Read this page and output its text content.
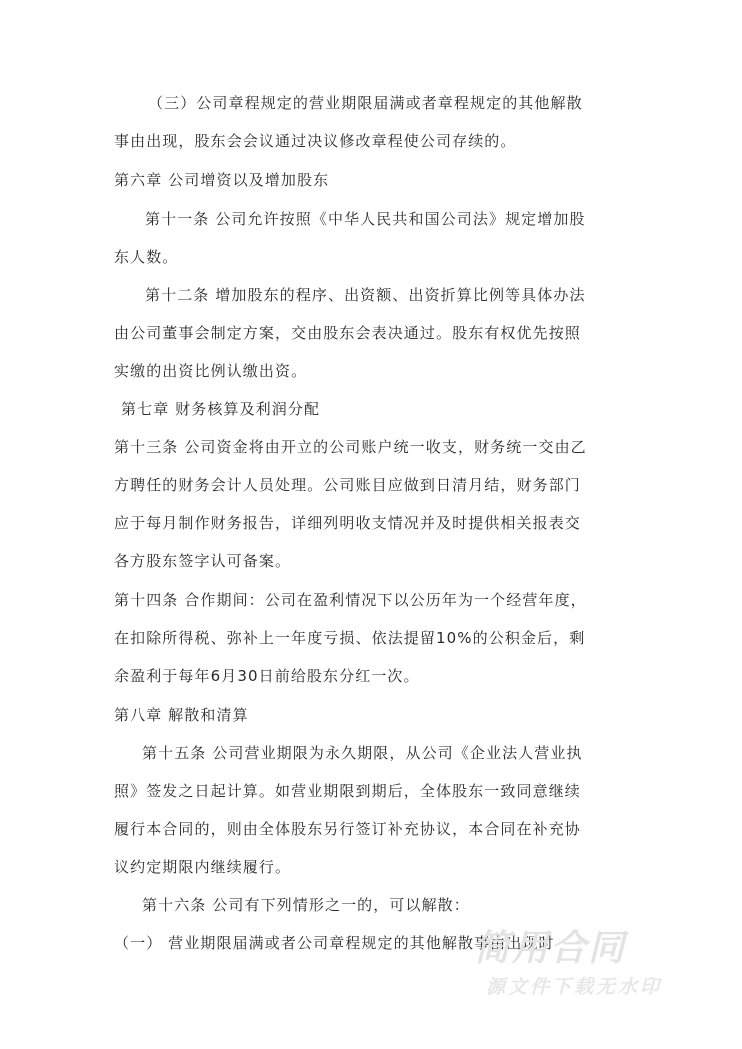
（三）公司章程规定的营业期限届满或者章程规定的其他解散
事由出现，股东会会议通过决议修改章程使公司存续的。
第六章 公司增资以及增加股东
第十一条 公司允许按照《中华人民共和国公司法》规定增加股
东人数。
第十二条 增加股东的程序、出资额、出资折算比例等具体办法
由公司董事会制定方案，交由股东会表决通过。股东有权优先按照
实缴的出资比例认缴出资。
第七章 财务核算及利润分配
第十三条 公司资金将由开立的公司账户统一收支，财务统一交由乙
方聘任的财务会计人员处理。公司账目应做到日清月结，财务部门
应于每月制作财务报告，详细列明收支情况并及时提供相关报表交
各方股东签字认可备案。
第十四条 合作期间：公司在盈利情况下以公历年为一个经营年度，
在扣除所得税、弥补上一年度亏损、依法提留10%的公积金后，剩
余盈利于每年6月30日前给股东分红一次。
第八章 解散和清算
第十五条 公司营业期限为永久期限，从公司《企业法人营业执
照》签发之日起计算。如营业期限到期后，全体股东一致同意继续
履行本合同的，则由全体股东另行签订补充协议，本合同在补充协
议约定期限内继续履行。
第十六条 公司有下列情形之一的，可以解散：
（一） 营业期限届满或者公司章程规定的其他解散事由出现时
简用合同
源文件下载无水印
